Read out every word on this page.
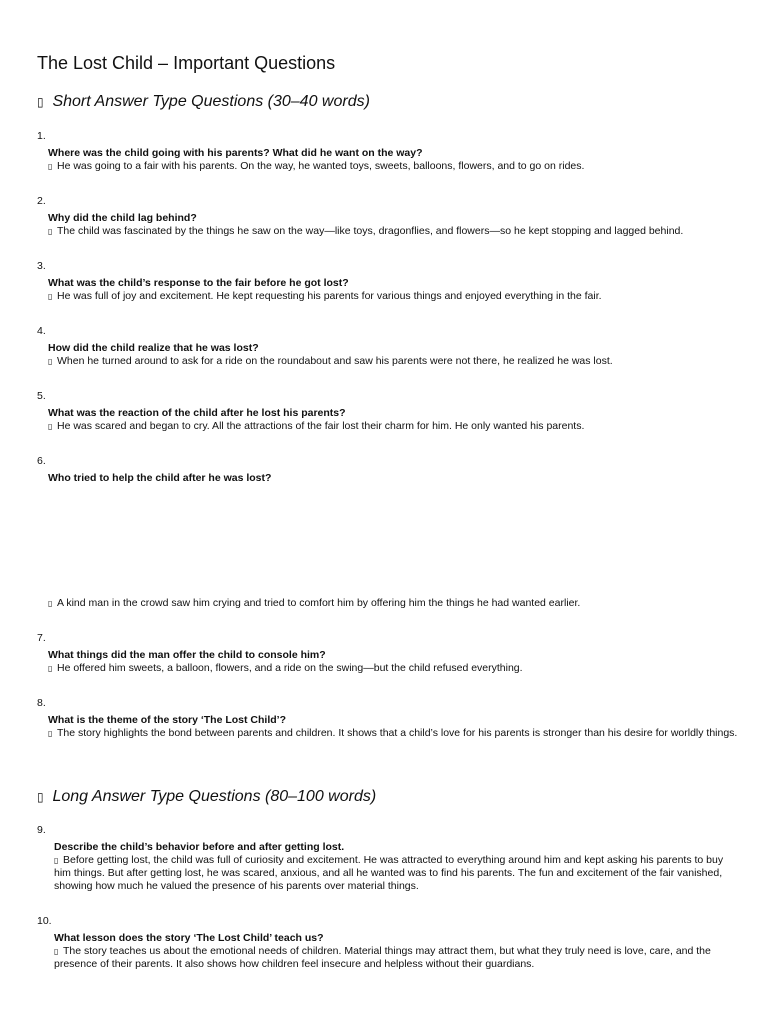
The Lost Child – Important Questions
▯ Short Answer Type Questions (30–40 words)
1.
Where was the child going with his parents? What did he want on the way?
▯ He was going to a fair with his parents. On the way, he wanted toys, sweets, balloons, flowers, and to go on rides.
2.
Why did the child lag behind?
▯ The child was fascinated by the things he saw on the way—like toys, dragonflies, and flowers—so he kept stopping and lagged behind.
3.
What was the child’s response to the fair before he got lost?
▯ He was full of joy and excitement. He kept requesting his parents for various things and enjoyed everything in the fair.
4.
How did the child realize that he was lost?
▯ When he turned around to ask for a ride on the roundabout and saw his parents were not there, he realized he was lost.
5.
What was the reaction of the child after he lost his parents?
▯ He was scared and began to cry. All the attractions of the fair lost their charm for him. He only wanted his parents.
6.
Who tried to help the child after he was lost?
▯ A kind man in the crowd saw him crying and tried to comfort him by offering him the things he had wanted earlier.
7.
What things did the man offer the child to console him?
▯ He offered him sweets, a balloon, flowers, and a ride on the swing—but the child refused everything.
8.
What is the theme of the story ‘The Lost Child’?
▯ The story highlights the bond between parents and children. It shows that a child’s love for his parents is stronger than his desire for worldly things.
▯ Long Answer Type Questions (80–100 words)
9.
Describe the child’s behavior before and after getting lost.
▯ Before getting lost, the child was full of curiosity and excitement. He was attracted to everything around him and kept asking his parents to buy him things. But after getting lost, he was scared, anxious, and all he wanted was to find his parents. The fun and excitement of the fair vanished, showing how much he valued the presence of his parents over material things.
10.
What lesson does the story ‘The Lost Child’ teach us?
▯ The story teaches us about the emotional needs of children. Material things may attract them, but what they truly need is love, care, and the presence of their parents. It also shows how children feel insecure and helpless without their guardians.
